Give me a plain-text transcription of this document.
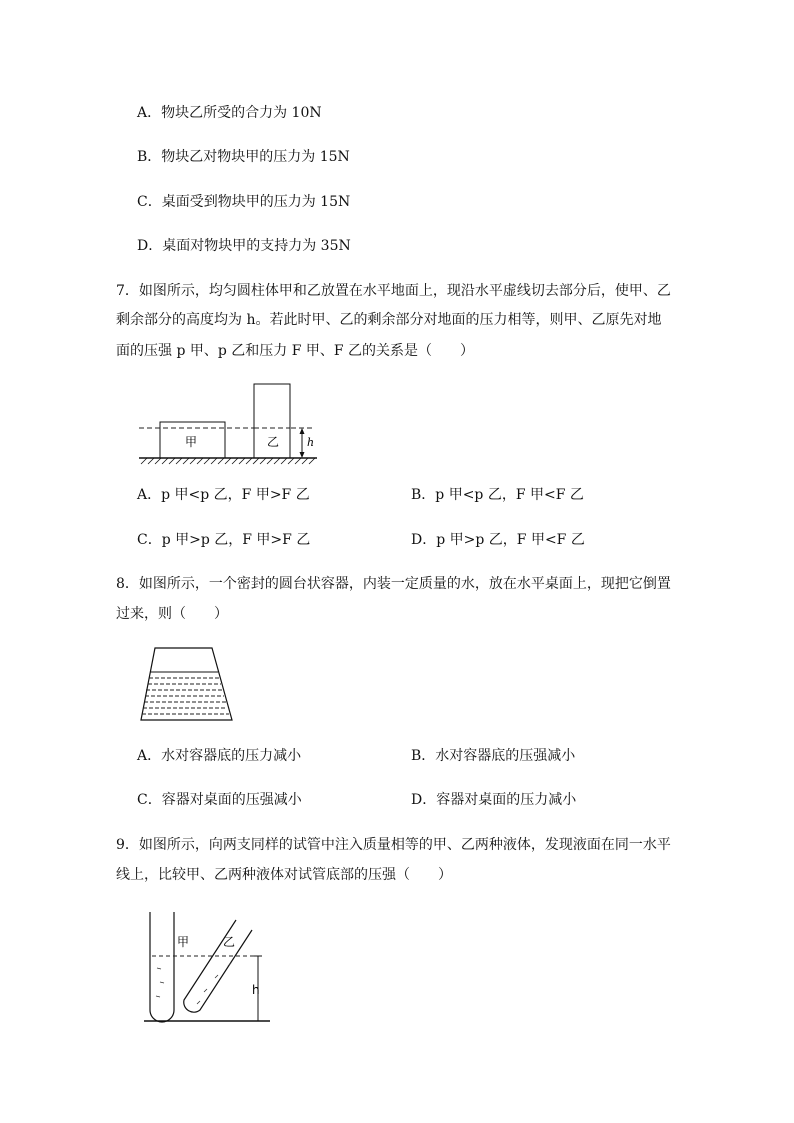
A．物块乙所受的合力为 10N
B．物块乙对物块甲的压力为 15N
C．桌面受到物块甲的压力为 15N
D．桌面对物块甲的支持力为 35N
7．如图所示，均匀圆柱体甲和乙放置在水平地面上，现沿水平虚线切去部分后，使甲、乙
剩余部分的高度均为 h。若此时甲、乙的剩余部分对地面的压力相等，则甲、乙原先对地
面的压强 p 甲、p 乙和压力 F 甲、F 乙的关系是（　　）
甲	乙	h
A．p 甲<p 乙，F 甲>F 乙	B．p 甲<p 乙，F 甲<F 乙
C．p 甲>p 乙，F 甲>F 乙	D．p 甲>p 乙，F 甲<F 乙
8．如图所示，一个密封的圆台状容器，内装一定质量的水，放在水平桌面上，现把它倒置
过来，则（　　）
A．水对容器底的压力减小	B．水对容器底的压强减小
C．容器对桌面的压强减小	D．容器对桌面的压力减小
9．如图所示，向两支同样的试管中注入质量相等的甲、乙两种液体，发现液面在同一水平
线上，比较甲、乙两种液体对试管底部的压强（　　）
甲	乙
h
